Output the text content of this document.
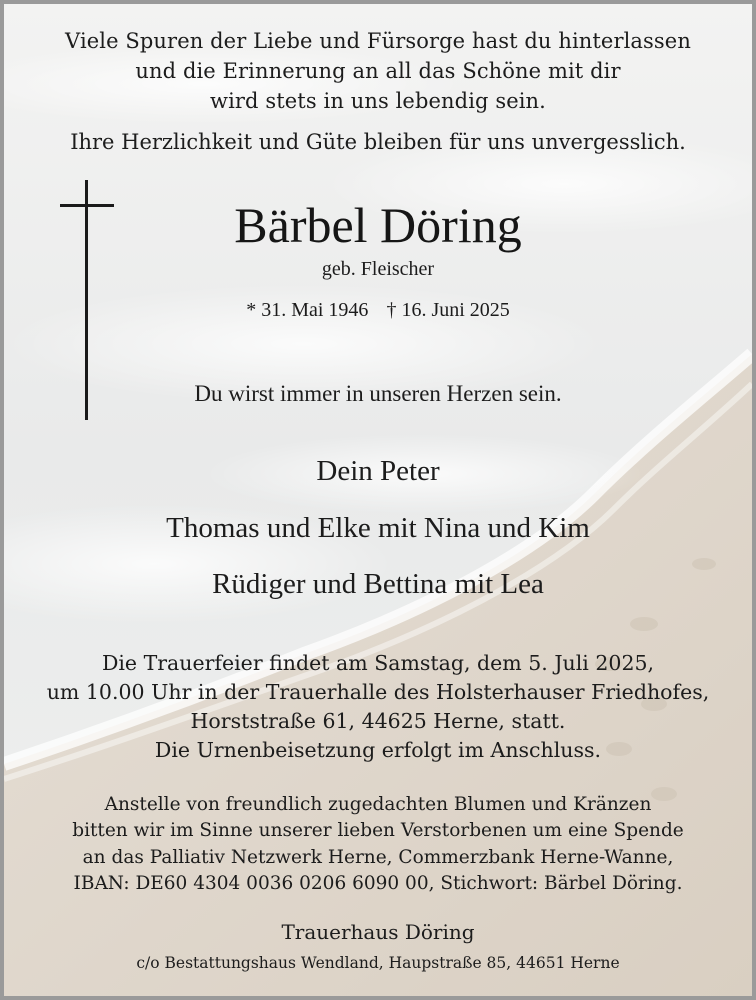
Viele Spuren der Liebe und Fürsorge hast du hinterlassen

und die Erinnerung an all das Schöne mit dir

wird stets in uns lebendig sein.

Ihre Herzlichkeit und Güte bleiben für uns unvergesslich.

Bärbel Döring

geb. Fleischer

* 31. Mai 1946 † 16. Juni 2025

Du wirst immer in unseren Herzen sein.

Dein Peter

Thomas und Elke mit Nina und Kim

Rüdiger und Bettina mit Lea

Die Trauerfeier findet am Samstag, dem 5. Juli 2025,

um 10.00 Uhr in der Trauerhalle des Holsterhauser Friedhofes,

Horststraße 61, 44625 Herne, statt.

Die Urnenbeisetzung erfolgt im Anschluss.

Anstelle von freundlich zugedachten Blumen und Kränzen

bitten wir im Sinne unserer lieben Verstorbenen um eine Spende

an das Palliativ Netzwerk Herne, Commerzbank Herne-Wanne,

IBAN: DE60 4304 0036 0206 6090 00, Stichwort: Bärbel Döring.

Trauerhaus Döring

c/o Bestattungshaus Wendland, Haupstraße 85, 44651 Herne
